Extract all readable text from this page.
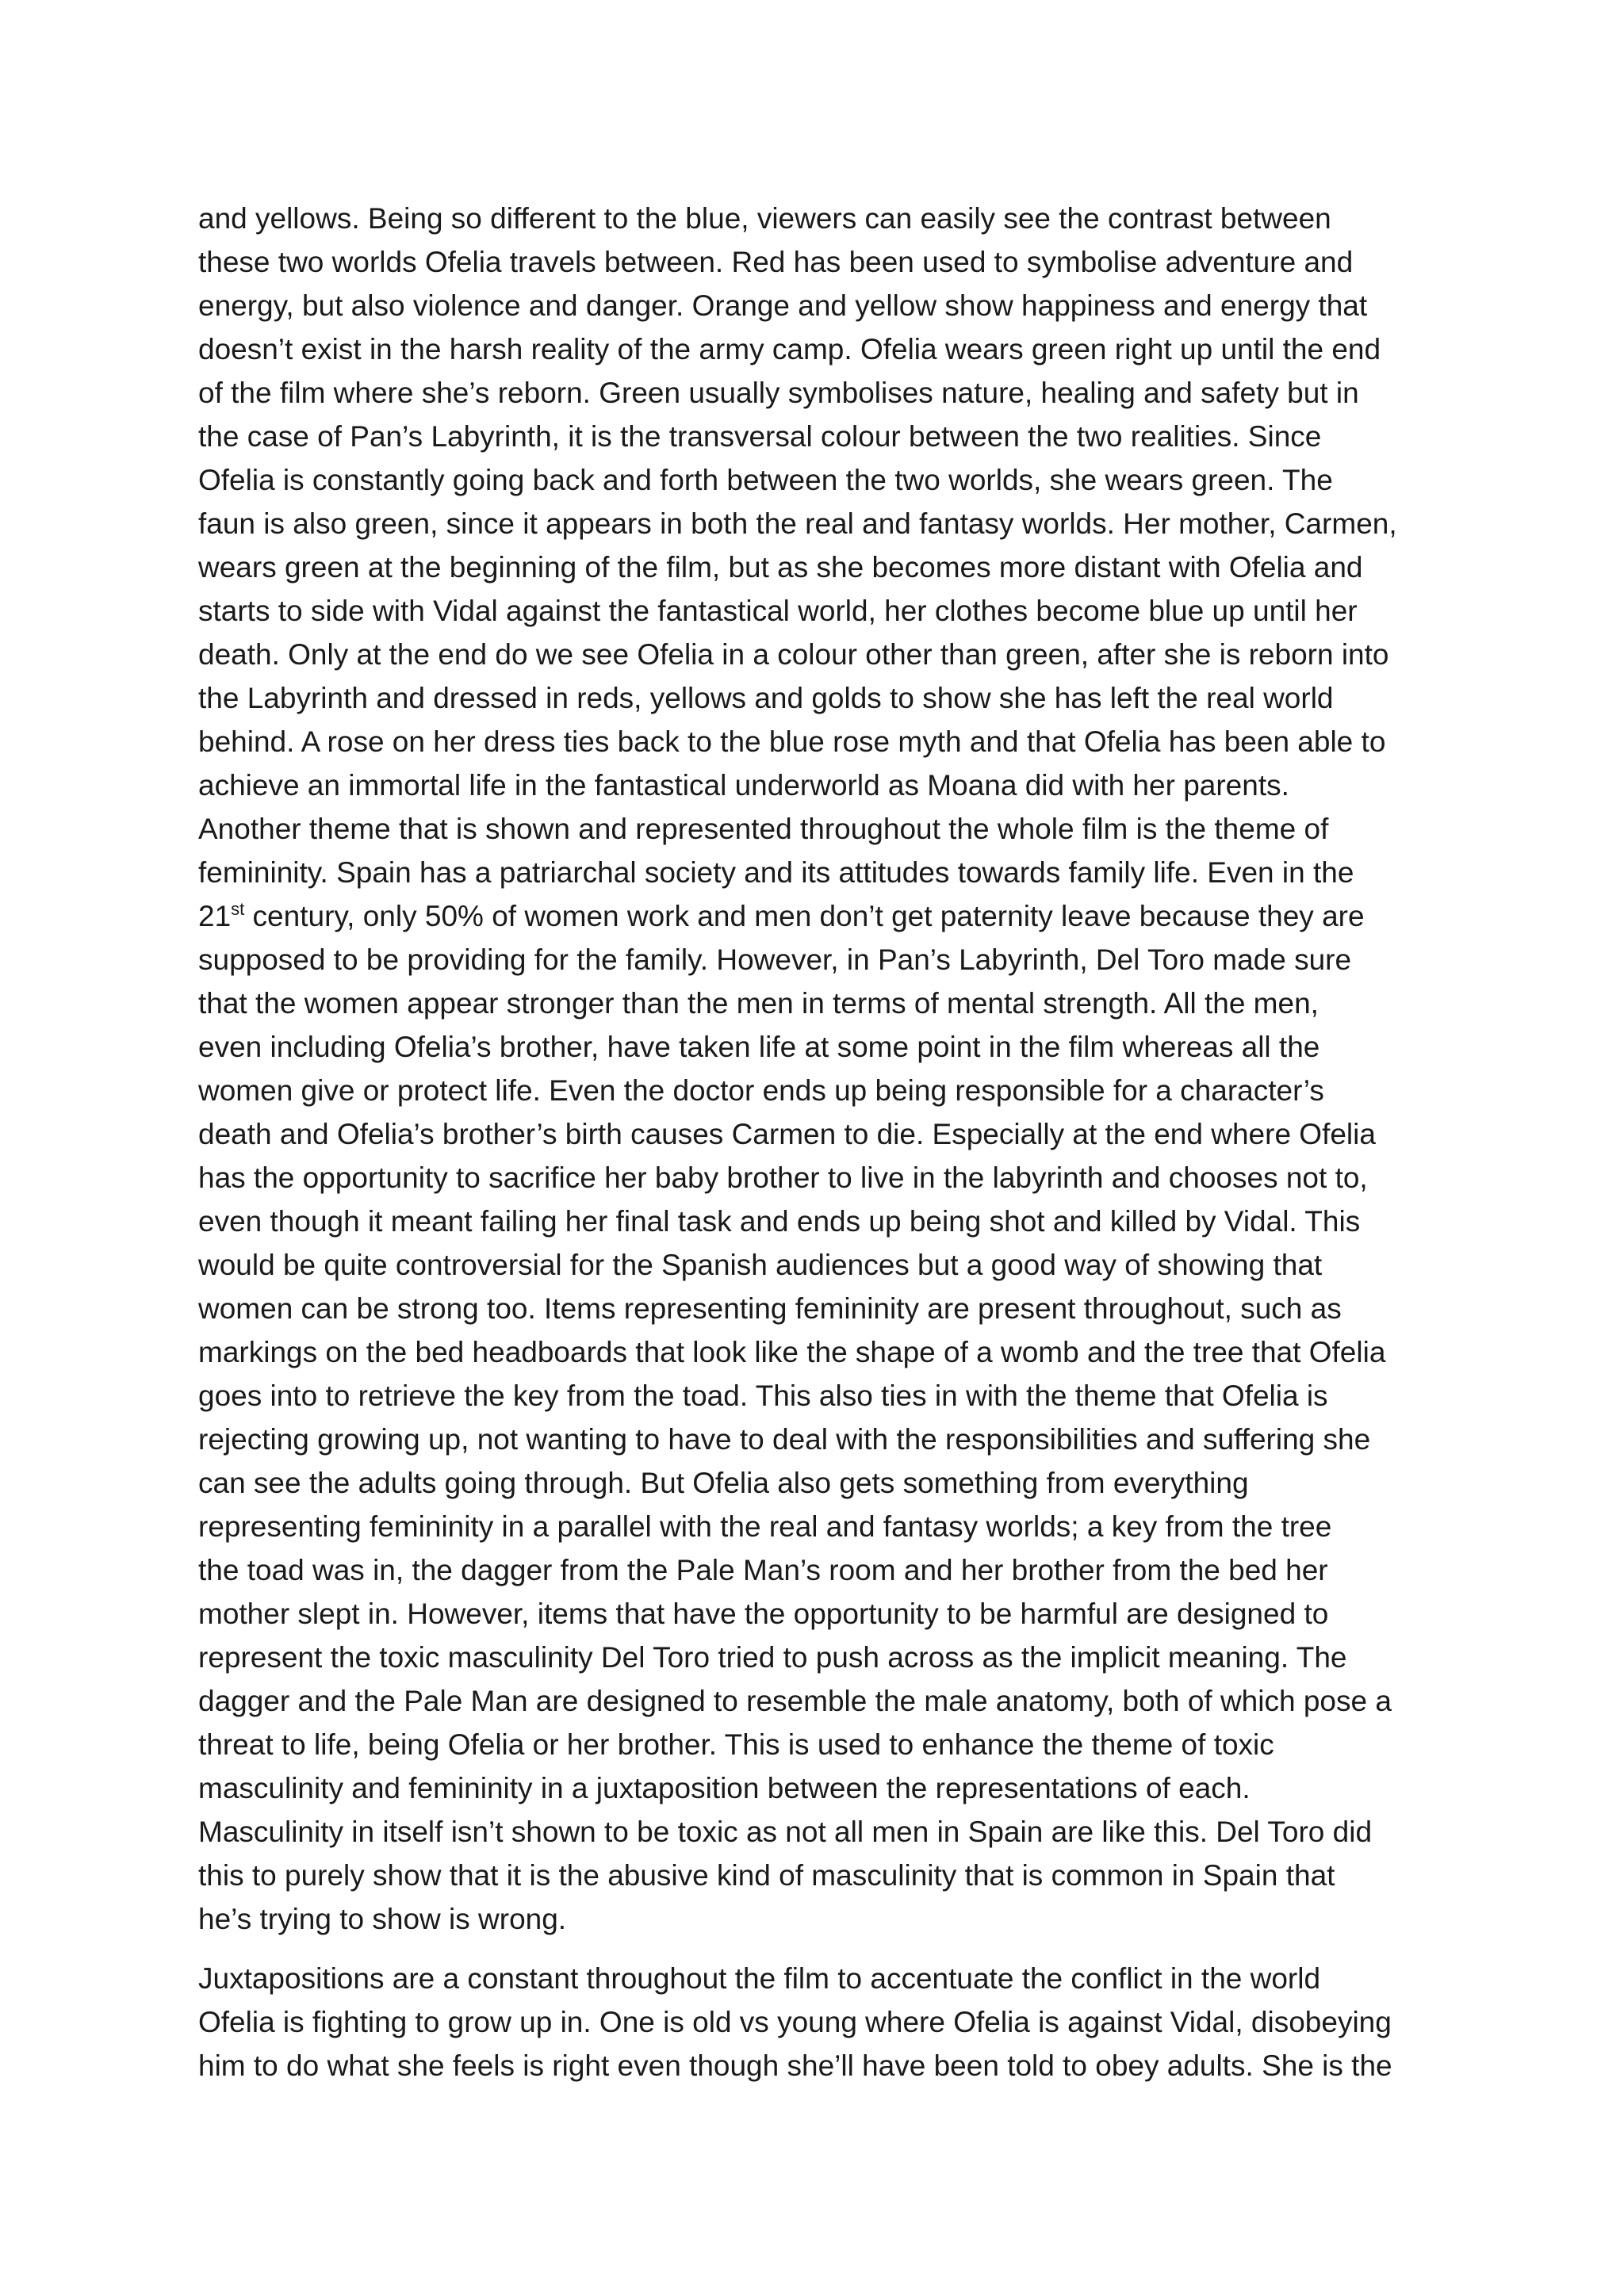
and yellows. Being so different to the blue, viewers can easily see the contrast between
these two worlds Ofelia travels between. Red has been used to symbolise adventure and
energy, but also violence and danger. Orange and yellow show happiness and energy that
doesn’t exist in the harsh reality of the army camp. Ofelia wears green right up until the end
of the film where she’s reborn. Green usually symbolises nature, healing and safety but in
the case of Pan’s Labyrinth, it is the transversal colour between the two realities. Since
Ofelia is constantly going back and forth between the two worlds, she wears green. The
faun is also green, since it appears in both the real and fantasy worlds. Her mother, Carmen,
wears green at the beginning of the film, but as she becomes more distant with Ofelia and
starts to side with Vidal against the fantastical world, her clothes become blue up until her
death. Only at the end do we see Ofelia in a colour other than green, after she is reborn into
the Labyrinth and dressed in reds, yellows and golds to show she has left the real world
behind. A rose on her dress ties back to the blue rose myth and that Ofelia has been able to
achieve an immortal life in the fantastical underworld as Moana did with her parents.
Another theme that is shown and represented throughout the whole film is the theme of
femininity. Spain has a patriarchal society and its attitudes towards family life. Even in the
21st century, only 50% of women work and men don’t get paternity leave because they are
supposed to be providing for the family. However, in Pan’s Labyrinth, Del Toro made sure
that the women appear stronger than the men in terms of mental strength. All the men,
even including Ofelia’s brother, have taken life at some point in the film whereas all the
women give or protect life. Even the doctor ends up being responsible for a character’s
death and Ofelia’s brother’s birth causes Carmen to die. Especially at the end where Ofelia
has the opportunity to sacrifice her baby brother to live in the labyrinth and chooses not to,
even though it meant failing her final task and ends up being shot and killed by Vidal. This
would be quite controversial for the Spanish audiences but a good way of showing that
women can be strong too. Items representing femininity are present throughout, such as
markings on the bed headboards that look like the shape of a womb and the tree that Ofelia
goes into to retrieve the key from the toad. This also ties in with the theme that Ofelia is
rejecting growing up, not wanting to have to deal with the responsibilities and suffering she
can see the adults going through. But Ofelia also gets something from everything
representing femininity in a parallel with the real and fantasy worlds; a key from the tree
the toad was in, the dagger from the Pale Man’s room and her brother from the bed her
mother slept in. However, items that have the opportunity to be harmful are designed to
represent the toxic masculinity Del Toro tried to push across as the implicit meaning. The
dagger and the Pale Man are designed to resemble the male anatomy, both of which pose a
threat to life, being Ofelia or her brother. This is used to enhance the theme of toxic
masculinity and femininity in a juxtaposition between the representations of each.
Masculinity in itself isn’t shown to be toxic as not all men in Spain are like this. Del Toro did
this to purely show that it is the abusive kind of masculinity that is common in Spain that
he’s trying to show is wrong.
Juxtapositions are a constant throughout the film to accentuate the conflict in the world
Ofelia is fighting to grow up in. One is old vs young where Ofelia is against Vidal, disobeying
him to do what she feels is right even though she’ll have been told to obey adults. She is the
